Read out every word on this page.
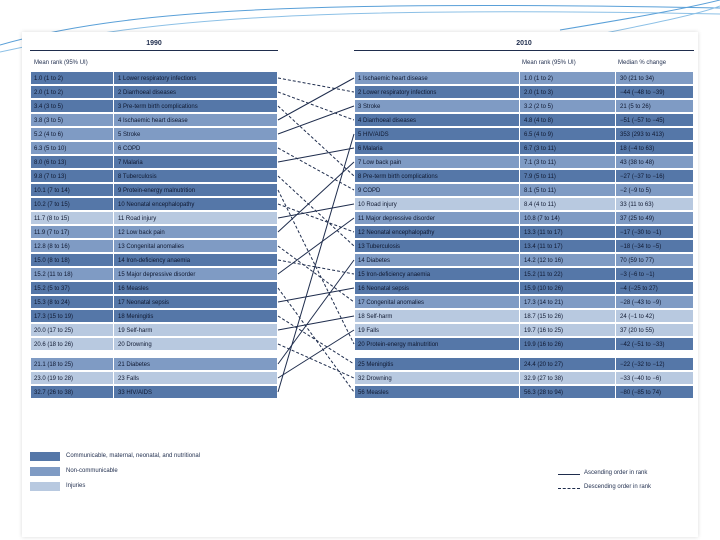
1990	2010
Mean rank (95% UI)	Mean rank (95% UI)	Median % change
1.0 (1 to 2)	1 Lower respiratory infections
2.0 (1 to 2)	2 Diarrhoeal diseases
3.4 (3 to 5)	3 Pre-term birth complications
3.8 (3 to 5)	4 Ischaemic heart disease
5.2 (4 to 6)	5 Stroke
6.3 (5 to 10)	6 COPD
8.0 (6 to 13)	7 Malaria
9.8 (7 to 13)	8 Tuberculosis
10.1 (7 to 14)	9 Protein-energy malnutrition
10.2 (7 to 15)	10 Neonatal encephalopathy
11.7 (8 to 15)	11 Road injury
11.9 (7 to 17)	12 Low back pain
12.8 (8 to 16)	13 Congenital anomalies
15.0 (8 to 18)	14 Iron-deficiency anaemia
15.2 (11 to 18)	15 Major depressive disorder
15.2 (5 to 37)	16 Measles
15.3 (8 to 24)	17 Neonatal sepsis
17.3 (15 to 19)	18 Meningitis
20.0 (17 to 25)	19 Self-harm
20.6 (18 to 26)	20 Drowning
21.1 (18 to 25)	21 Diabetes
23.0 (19 to 28)	23 Falls
32.7 (26 to 38)	33 HIV/AIDS
1 Ischaemic heart disease	1.0 (1 to 2)	30 (21 to 34)
2 Lower respiratory infections	2.0 (1 to 3)	−44 (−48 to −39)
3 Stroke	3.2 (2 to 5)	21 (5 to 26)
4 Diarrhoeal diseases	4.8 (4 to 8)	−51 (−57 to −45)
5 HIV/AIDS	6.5 (4 to 9)	353 (293 to 413)
6 Malaria	6.7 (3 to 11)	18 (−4 to 63)
7 Low back pain	7.1 (3 to 11)	43 (38 to 48)
8 Pre-term birth complications	7.9 (5 to 11)	−27 (−37 to −16)
9 COPD	8.1 (5 to 11)	−2 (−9 to 5)
10 Road injury	8.4 (4 to 11)	33 (11 to 63)
11 Major depressive disorder	10.8 (7 to 14)	37 (25 to 49)
12 Neonatal encephalopathy	13.3 (11 to 17)	−17 (−30 to −1)
13 Tuberculosis	13.4 (11 to 17)	−18 (−34 to −5)
14 Diabetes	14.2 (12 to 16)	70 (59 to 77)
15 Iron-deficiency anaemia	15.2 (11 to 22)	−3 (−6 to −1)
16 Neonatal sepsis	15.9 (10 to 26)	−4 (−25 to 27)
17 Congenital anomalies	17.3 (14 to 21)	−28 (−43 to −9)
18 Self-harm	18.7 (15 to 26)	24 (−1 to 42)
19 Falls	19.7 (16 to 25)	37 (20 to 55)
20 Protein-energy malnutrition	19.9 (16 to 26)	−42 (−51 to −33)
25 Meningitis	24.4 (20 to 27)	−22 (−32 to −12)
32 Drowning	32.9 (27 to 38)	−33 (−40 to −6)
56 Measles	56.3 (28 to 94)	−80 (−85 to 74)
Communicable, maternal, neonatal, and nutritional
Non-communicable
Injuries
Ascending order in rank
Descending order in rank
